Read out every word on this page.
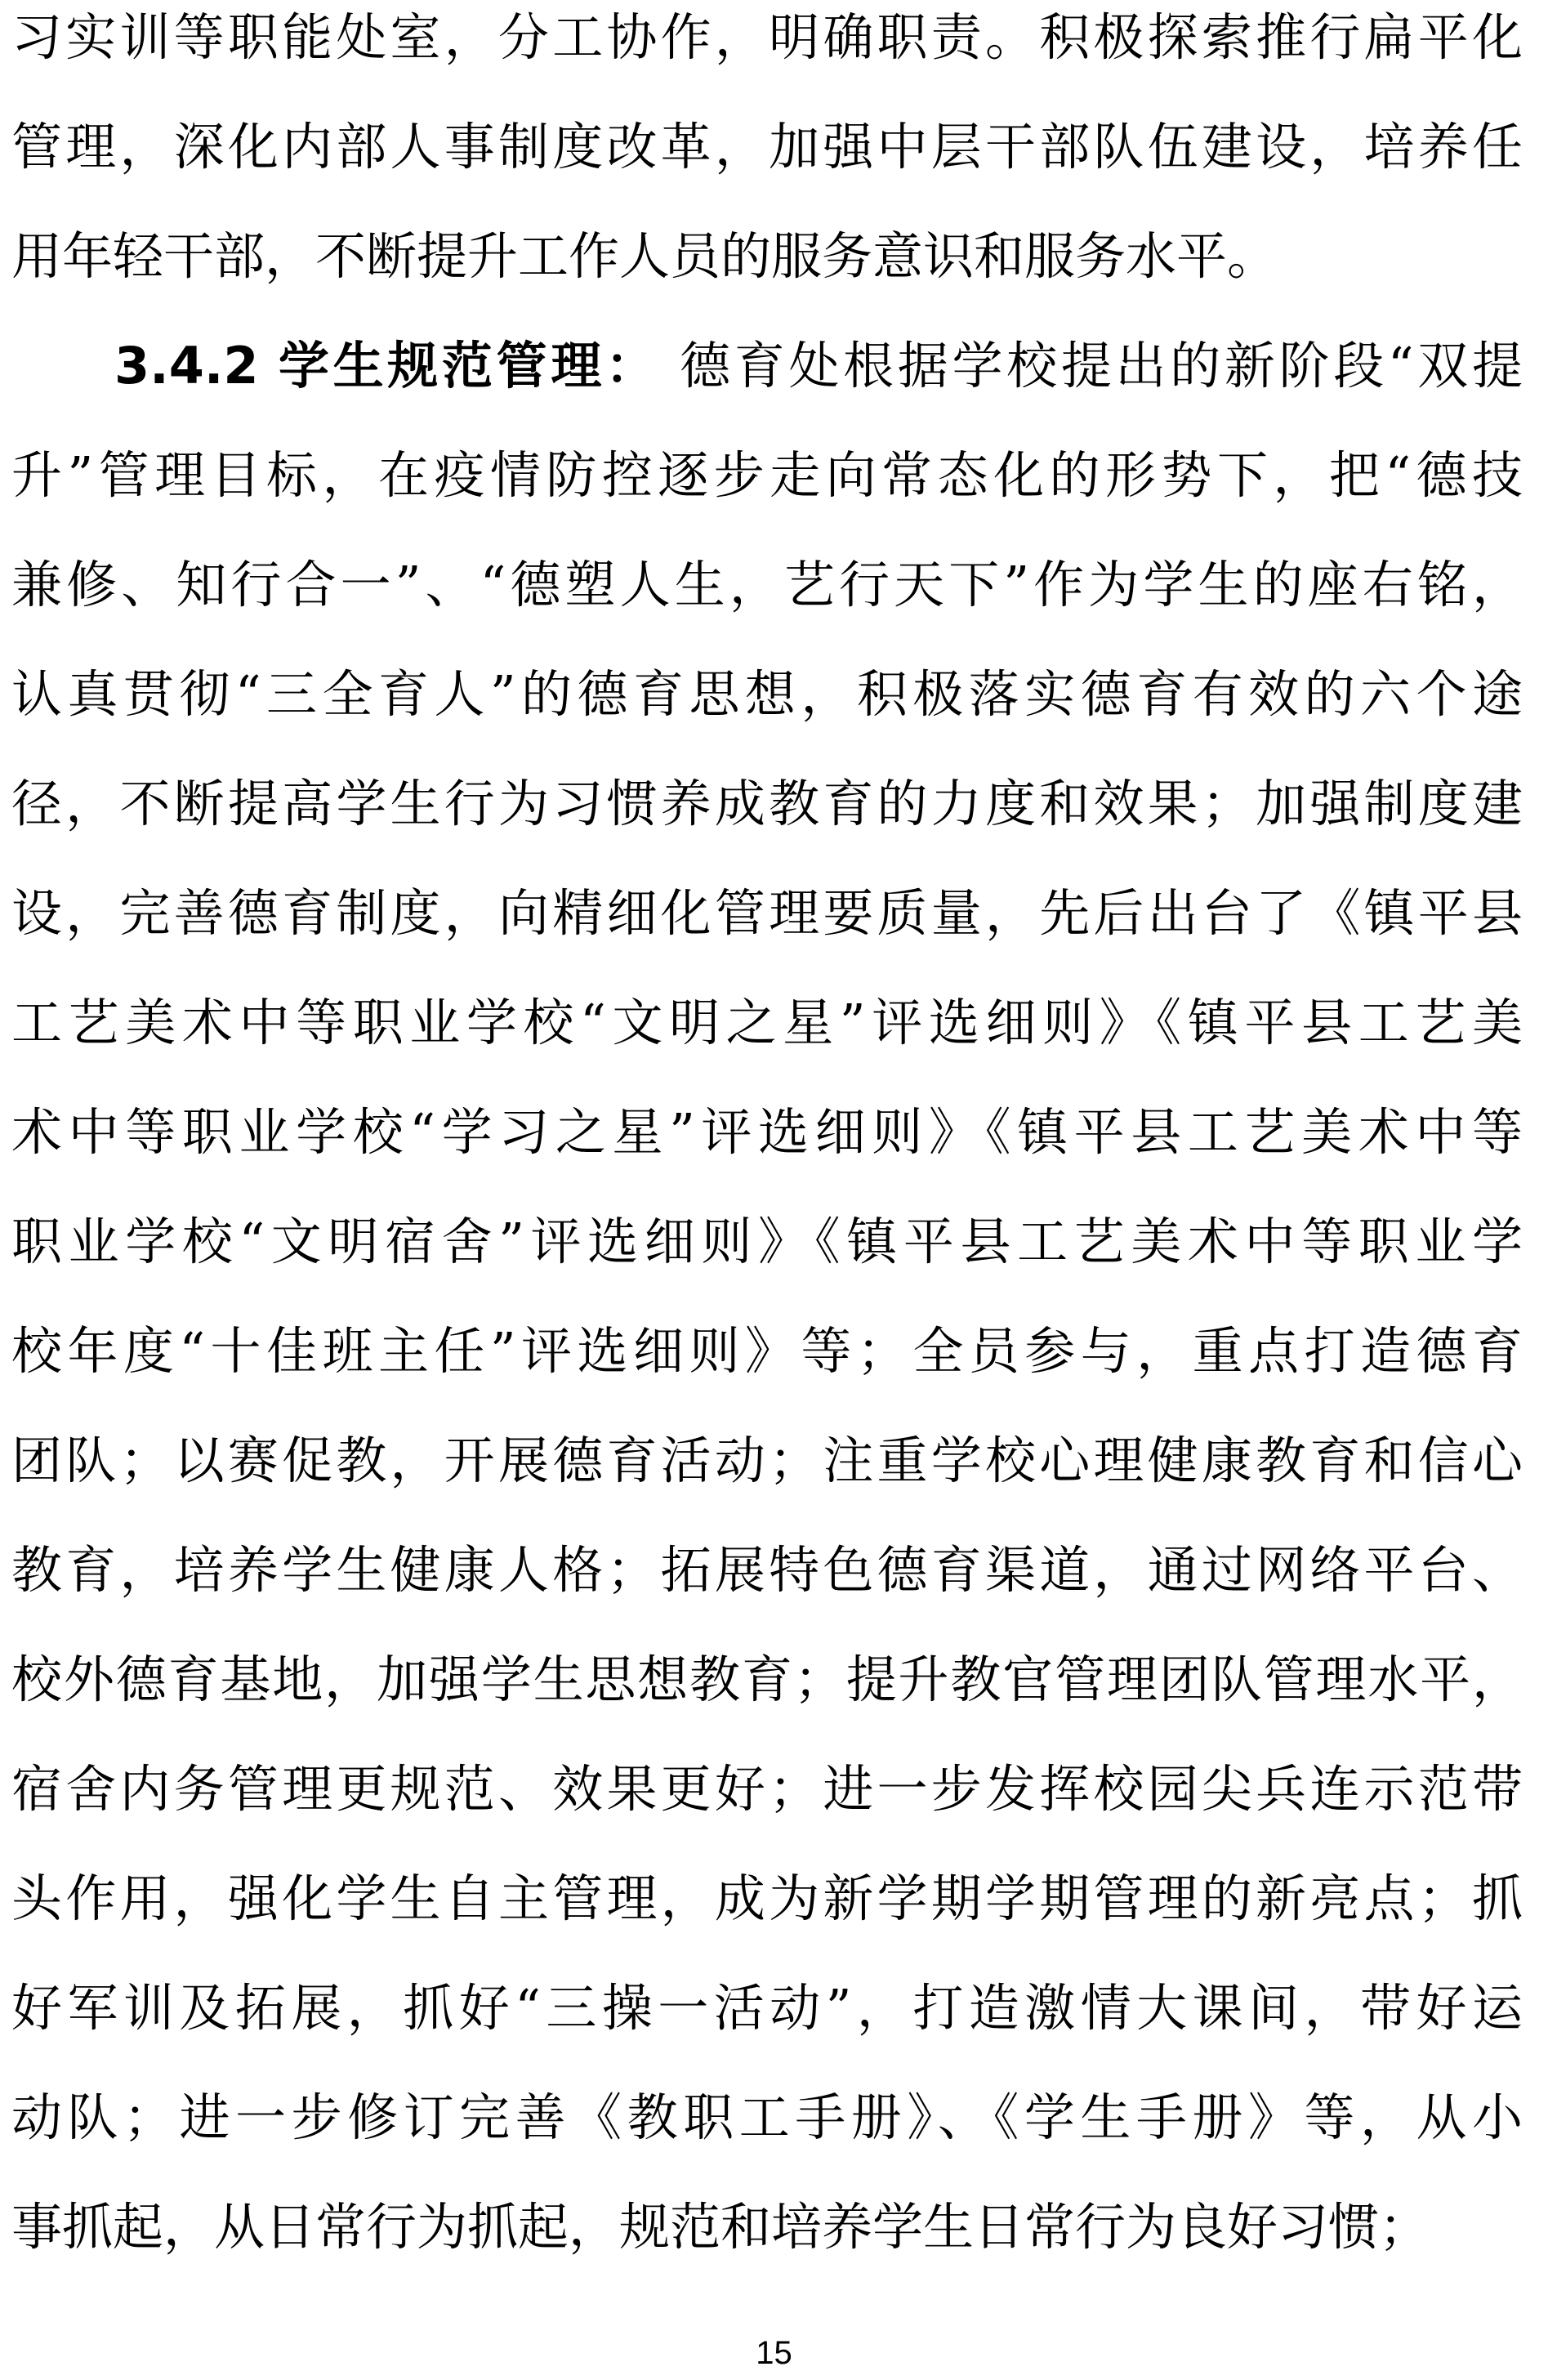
习实训等职能处室，分工协作，明确职责。积极探索推行扁平化
管理，深化内部人事制度改革，加强中层干部队伍建设，培养任
用年轻干部，不断提升工作人员的服务意识和服务水平。
3.4.2 学生规范管理： 德育处根据学校提出的新阶段“双提
升”管理目标，在疫情防控逐步走向常态化的形势下，把“德技
兼修、知行合一”、“德塑人生，艺行天下”作为学生的座右铭，
认真贯彻“三全育人”的德育思想，积极落实德育有效的六个途
径，不断提高学生行为习惯养成教育的力度和效果；加强制度建
设，完善德育制度，向精细化管理要质量，先后出台了《镇平县
工艺美术中等职业学校“文明之星”评选细则》《镇平县工艺美
术中等职业学校“学习之星”评选细则》《镇平县工艺美术中等
职业学校“文明宿舍”评选细则》《镇平县工艺美术中等职业学
校年度“十佳班主任”评选细则》等；全员参与，重点打造德育
团队；以赛促教，开展德育活动；注重学校心理健康教育和信心
教育，培养学生健康人格；拓展特色德育渠道，通过网络平台、
校外德育基地，加强学生思想教育；提升教官管理团队管理水平，
宿舍内务管理更规范、效果更好；进一步发挥校园尖兵连示范带
头作用，强化学生自主管理，成为新学期学期管理的新亮点；抓
好军训及拓展，抓好“三操一活动”，打造激情大课间，带好运
动队；进一步修订完善《教职工手册》、《学生手册》等，从小
事抓起，从日常行为抓起，规范和培养学生日常行为良好习惯；
15
